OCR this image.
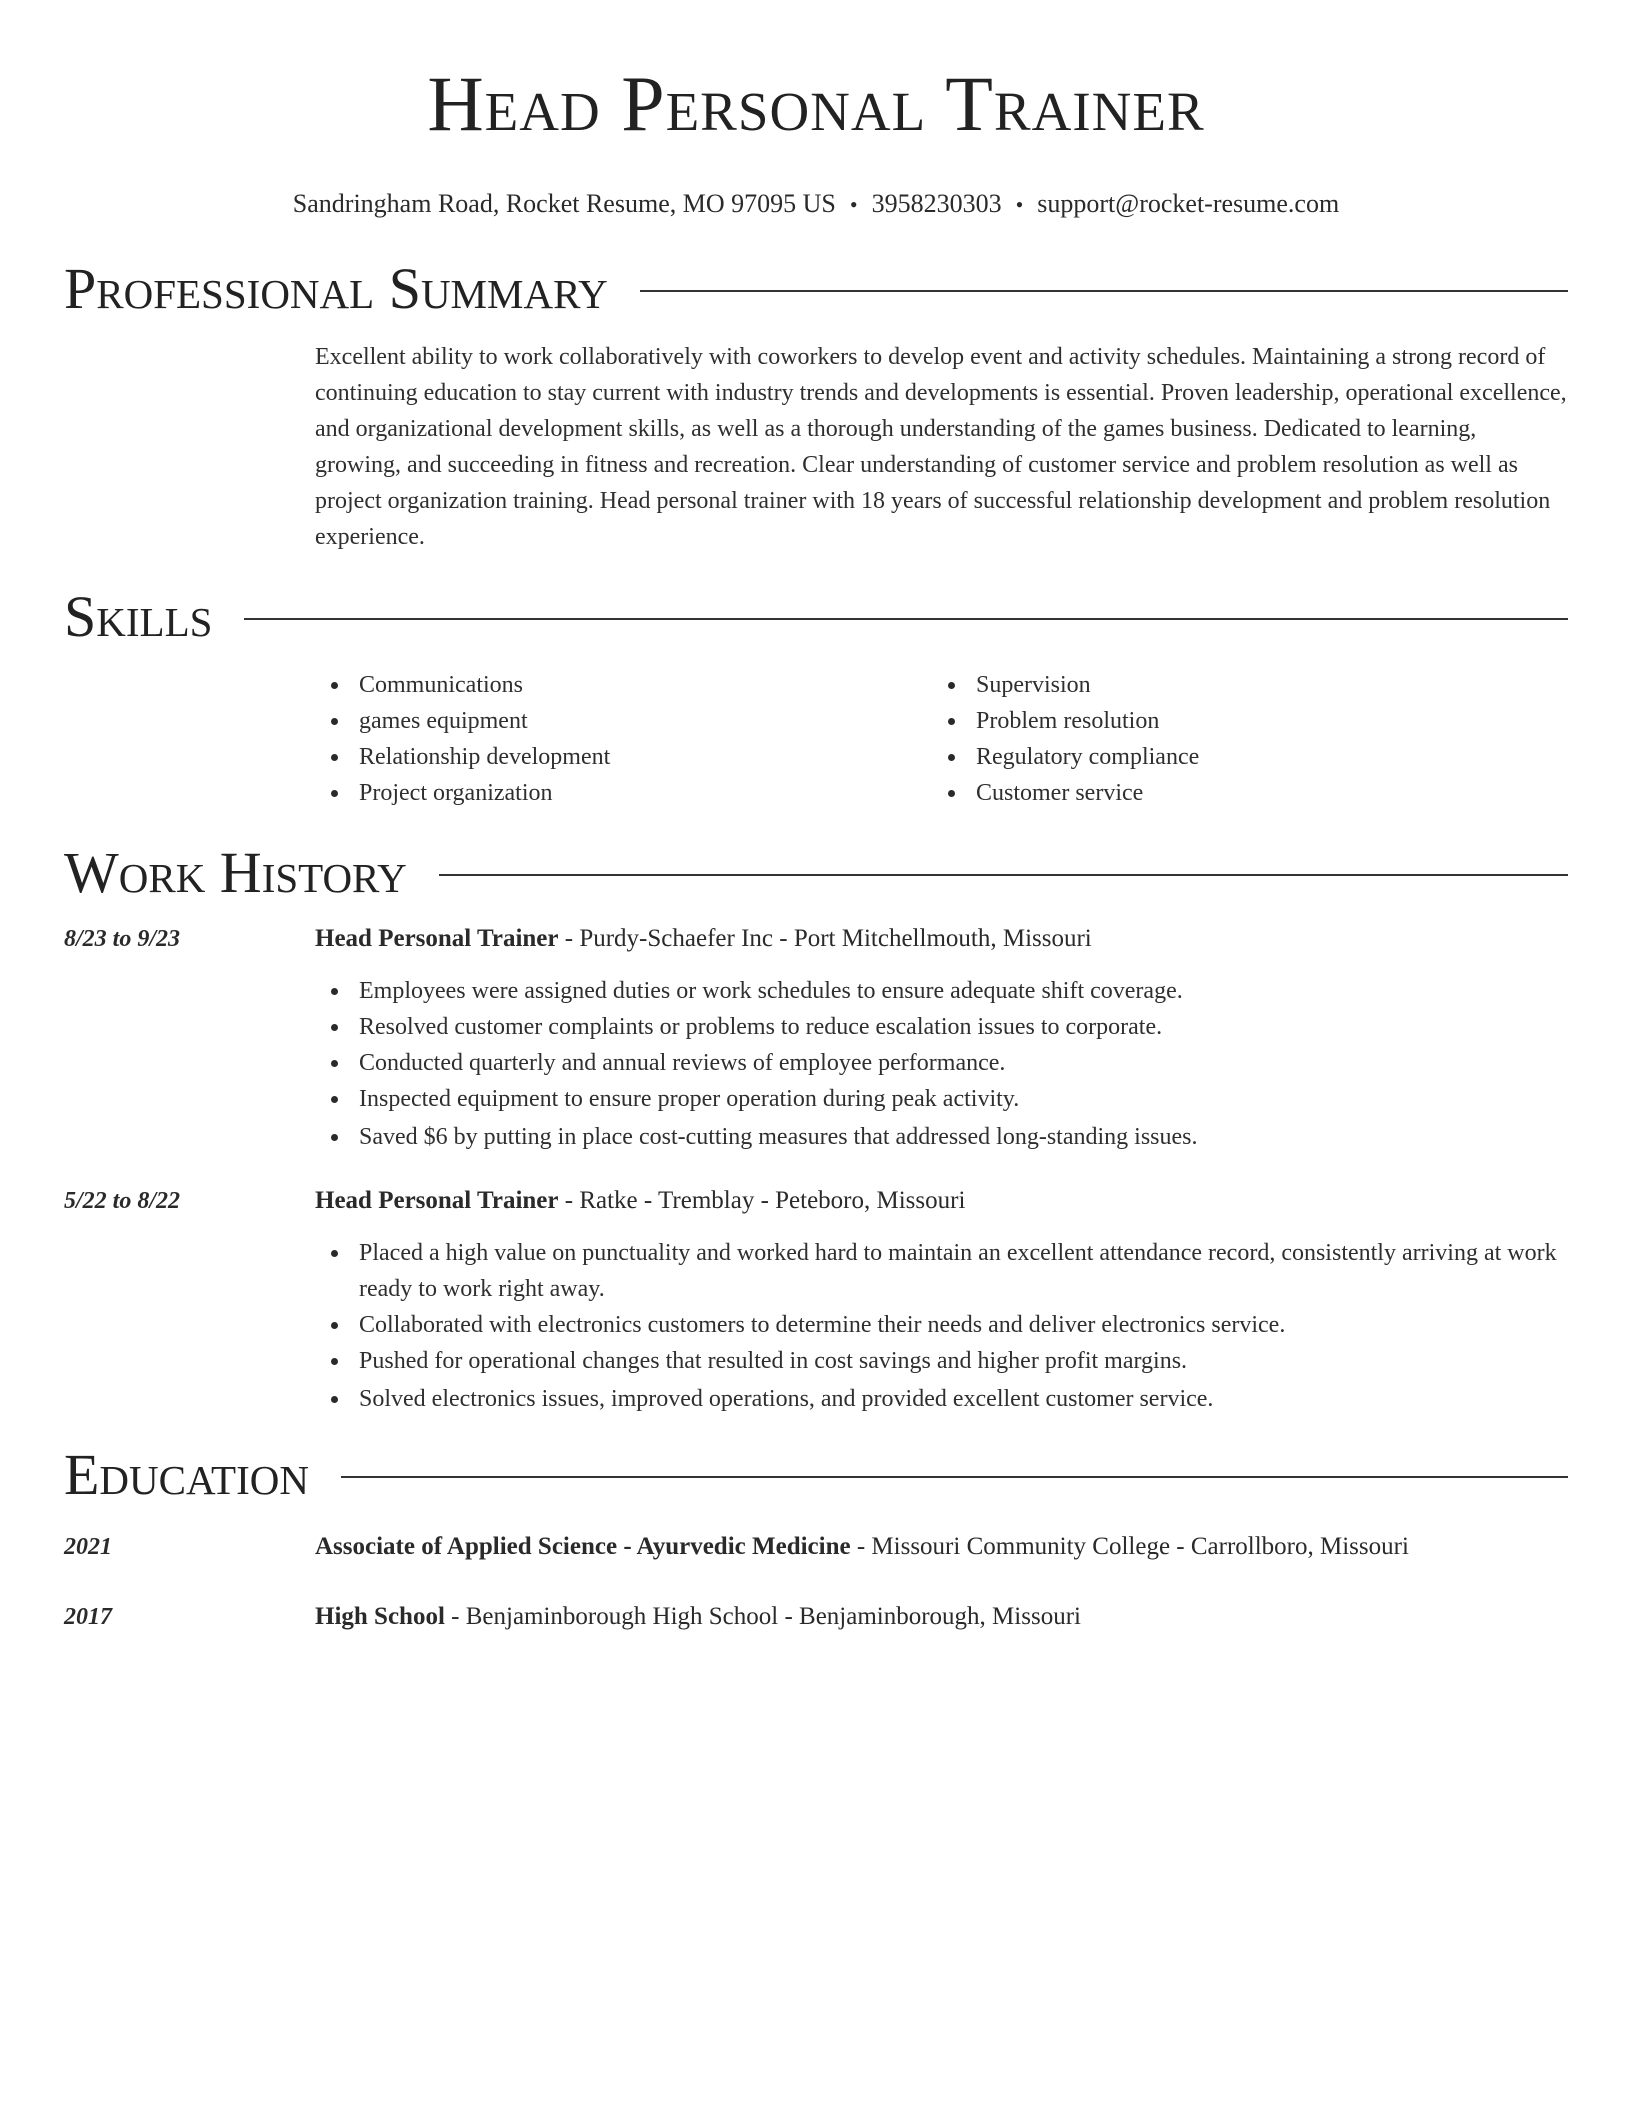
Head Personal Trainer
Sandringham Road, Rocket Resume, MO 97095 US • 3958230303 • support@rocket-resume.com
Professional Summary

Excellent ability to work collaboratively with coworkers to develop event and activity schedules. Maintaining a strong record of continuing education to stay current with industry trends and developments is essential. Proven leadership, operational excellence, and organizational development skills, as well as a thorough understanding of the games business. Dedicated to learning, growing, and succeeding in fitness and recreation. Clear understanding of customer service and problem resolution as well as project organization training. Head personal trainer with 18 years of successful relationship development and problem resolution experience.

Skills
Communications
games equipment
Relationship development
Project organization
Supervision
Problem resolution
Regulatory compliance
Customer service
Work History
8/23 to 9/23	Head Personal Trainer - Purdy-Schaefer Inc - Port Mitchellmouth, Missouri
Employees were assigned duties or work schedules to ensure adequate shift coverage.
Resolved customer complaints or problems to reduce escalation issues to corporate.
Conducted quarterly and annual reviews of employee performance.
Inspected equipment to ensure proper operation during peak activity.
Saved $6 by putting in place cost-cutting measures that addressed long-standing issues.
5/22 to 8/22	Head Personal Trainer - Ratke - Tremblay - Peteboro, Missouri
Placed a high value on punctuality and worked hard to maintain an excellent attendance record, consistently arriving at work ready to work right away.
Collaborated with electronics customers to determine their needs and deliver electronics service.
Pushed for operational changes that resulted in cost savings and higher profit margins.
Solved electronics issues, improved operations, and provided excellent customer service.
Education
2021	Associate of Applied Science - Ayurvedic Medicine - Missouri Community College - Carrollboro, Missouri
2017	High School - Benjaminborough High School - Benjaminborough, Missouri
